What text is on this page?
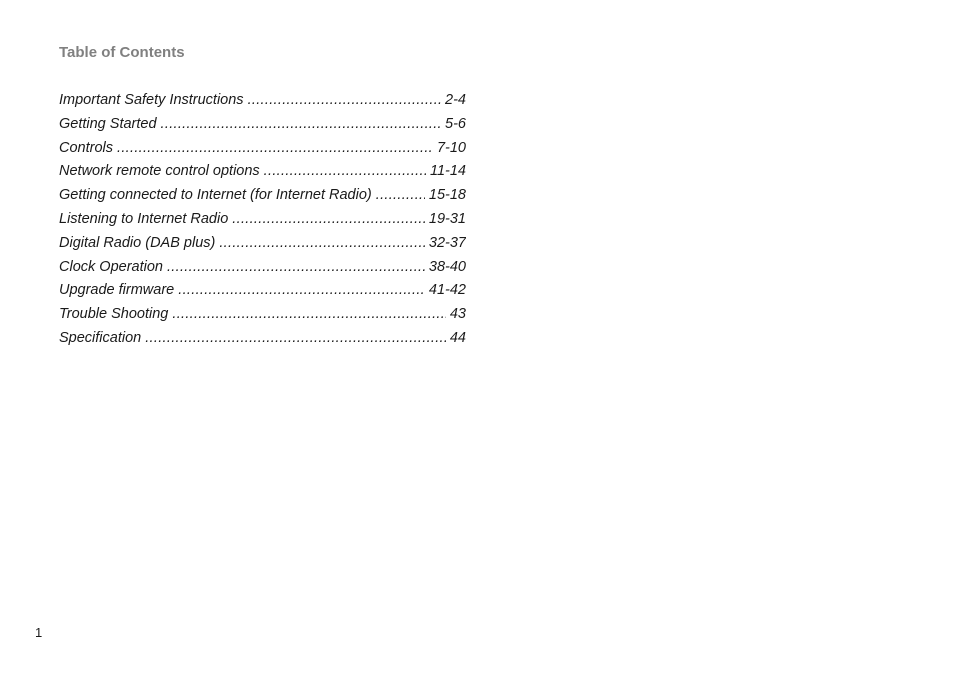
Table of Contents
Important Safety Instructions .....	2-4
Getting Started .....	5-6
Controls .....	7-10
Network remote control options .....	11-14
Getting connected to Internet (for Internet Radio) .....	15-18
Listening to Internet Radio .....	19-31
Digital Radio (DAB plus) .....	32-37
Clock Operation .....	38-40
Upgrade firmware .....	41-42
Trouble Shooting .....	43
Specification .....	44
1
